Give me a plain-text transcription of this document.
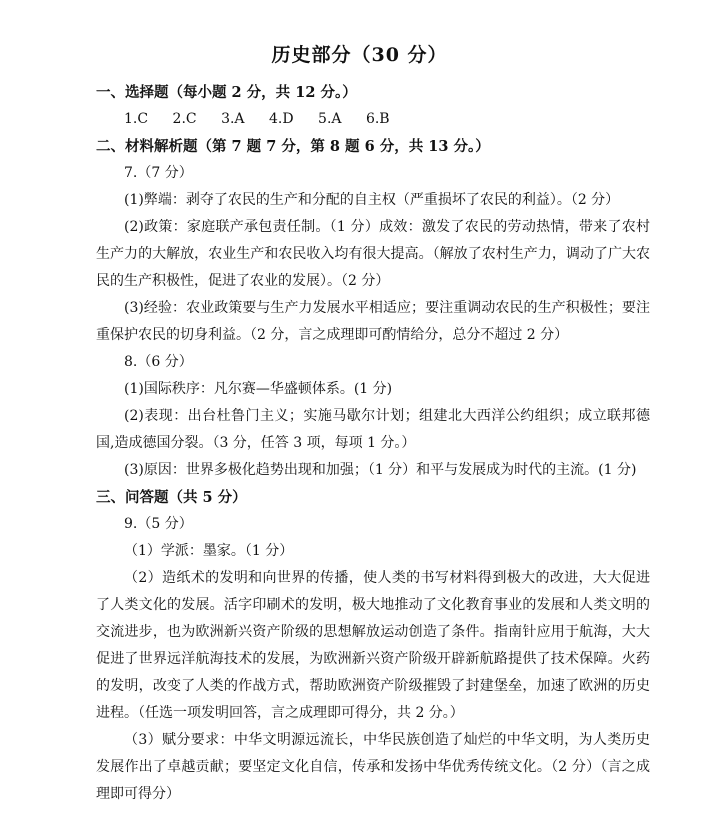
历史部分（30 分）
一、选择题（每小题 2 分，共 12 分。）
1.C 2.C 3.A 4.D 5.A 6.B
二、材料解析题（第 7 题 7 分，第 8 题 6 分，共 13 分。）
7.（7 分）
(1)弊端：剥夺了农民的生产和分配的自主权（严重损坏了农民的利益）。（2 分）
(2)政策：家庭联产承包责任制。（1 分）成效：激发了农民的劳动热情，带来了农村生产力的大解放，农业生产和农民收入均有很大提高。（解放了农村生产力，调动了广大农民的生产积极性，促进了农业的发展）。（2 分）
(3)经验：农业政策要与生产力发展水平相适应；要注重调动农民的生产积极性；要注重保护农民的切身利益。（2 分，言之成理即可酌情给分，总分不超过 2 分）
8.（6 分）
(1)国际秩序：凡尔赛—华盛顿体系。(1 分)
(2)表现：出台杜鲁门主义；实施马歇尔计划；组建北大西洋公约组织；成立联邦德国,造成德国分裂。（3 分，任答 3 项，每项 1 分。）
(3)原因：世界多极化趋势出现和加强；（1 分）和平与发展成为时代的主流。(1 分)
三、问答题（共 5 分）
9.（5 分）
（1）学派：墨家。（1 分）
（2）造纸术的发明和向世界的传播，使人类的书写材料得到极大的改进，大大促进了人类文化的发展。活字印刷术的发明，极大地推动了文化教育事业的发展和人类文明的交流进步，也为欧洲新兴资产阶级的思想解放运动创造了条件。指南针应用于航海，大大促进了世界远洋航海技术的发展，为欧洲新兴资产阶级开辟新航路提供了技术保障。火药的发明，改变了人类的作战方式，帮助欧洲资产阶级摧毁了封建堡垒，加速了欧洲的历史进程。（任选一项发明回答，言之成理即可得分，共 2 分。）
（3）赋分要求：中华文明源远流长，中华民族创造了灿烂的中华文明，为人类历史发展作出了卓越贡献；要坚定文化自信，传承和发扬中华优秀传统文化。（2 分）（言之成理即可得分）
